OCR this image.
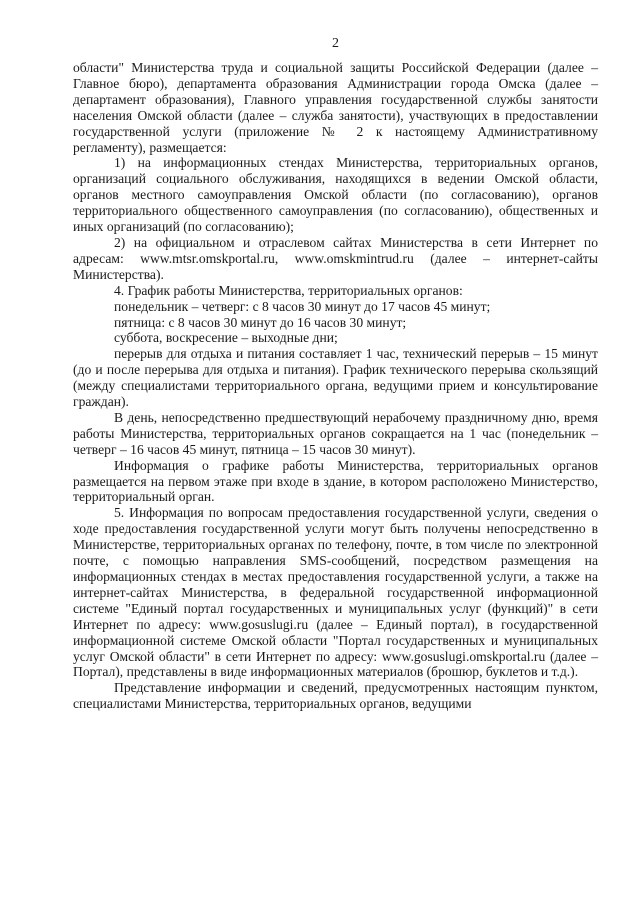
2

области" Министерства труда и социальной защиты Российской Федерации (далее – Главное бюро), департамента образования Администрации города Омска (далее – департамент образования), Главного управления государственной службы занятости населения Омской области (далее – служба занятости), участвующих в предоставлении государственной услуги (приложение № 2 к настоящему Административному регламенту), размещается:

1) на информационных стендах Министерства, территориальных органов, организаций социального обслуживания, находящихся в ведении Омской области, органов местного самоуправления Омской области (по согласованию), органов территориального общественного самоуправления (по согласованию), общественных и иных организаций (по согласованию);

2) на официальном и отраслевом сайтах Министерства в сети Интернет по адресам: www.mtsr.omskportal.ru, www.omskmintrud.ru (далее – интернет-сайты Министерства).

4. График работы Министерства, территориальных органов:

понедельник – четверг: с 8 часов 30 минут до 17 часов 45 минут;

пятница: с 8 часов 30 минут до 16 часов 30 минут;

суббота, воскресение – выходные дни;

перерыв для отдыха и питания составляет 1 час, технический перерыв – 15 минут (до и после перерыва для отдыха и питания). График технического перерыва скользящий (между специалистами территориального органа, ведущими прием и консультирование граждан).

В день, непосредственно предшествующий нерабочему праздничному дню, время работы Министерства, территориальных органов сокращается на 1 час (понедельник – четверг – 16 часов 45 минут, пятница – 15 часов 30 минут).

Информация о графике работы Министерства, территориальных органов размещается на первом этаже при входе в здание, в котором расположено Министерство, территориальный орган.

5. Информация по вопросам предоставления государственной услуги, сведения о ходе предоставления государственной услуги могут быть получены непосредственно в Министерстве, территориальных органах по телефону, почте, в том числе по электронной почте, с помощью направления SMS-сообщений, посредством размещения на информационных стендах в местах предоставления государственной услуги, а также на интернет-сайтах Министерства, в федеральной государственной информационной системе "Единый портал государственных и муниципальных услуг (функций)" в сети Интернет по адресу: www.gosuslugi.ru (далее – Единый портал), в государственной информационной системе Омской области "Портал государственных и муниципальных услуг Омской области" в сети Интернет по адресу: www.gosuslugi.omskportal.ru (далее – Портал), представлены в виде информационных материалов (брошюр, буклетов и т.д.).

Представление информации и сведений, предусмотренных настоящим пунктом, специалистами Министерства, территориальных органов, ведущими
